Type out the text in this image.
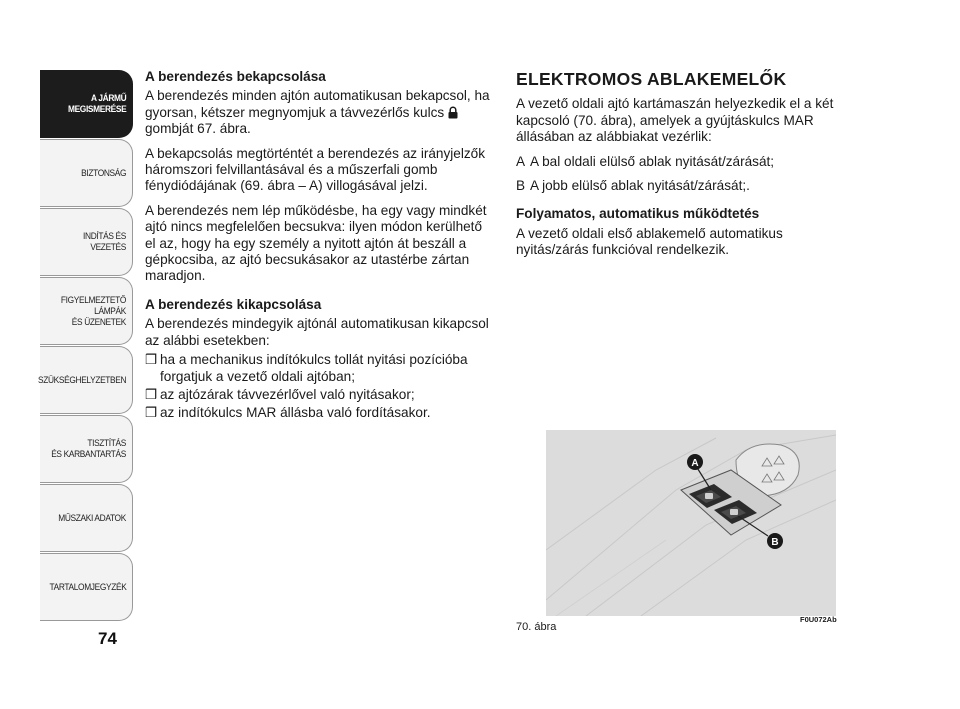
A JÁRMŰ
MEGISMERÉSE
BIZTONSÁG
INDÍTÁS ÉS VEZETÉS
FIGYELMEZTETŐ
LÁMPÁK
ÉS ÜZENETEK
SZÜKSÉGHELYZETBEN
TISZTÍTÁS
ÉS KARBANTARTÁS
MŰSZAKI ADATOK
TARTALOMJEGYZÉK
74
A berendezés bekapcsolása

A berendezés minden ajtón automatikusan bekapcsol, ha gyorsan, kétszer megnyomjuk a távvezérlős kulcs
gombját 67. ábra.

A bekapcsolás megtörténtét a berendezés az irányjelzők háromszori felvillantásával és a műszerfali gomb fénydiódájának (69. ábra – A) villogásával jelzi.

A berendezés nem lép működésbe, ha egy vagy mindkét ajtó nincs megfelelően becsukva: ilyen módon kerülhető el az, hogy ha egy személy a nyitott ajtón át beszáll a gépkocsiba, az ajtó becsukásakor az utastérbe zártan maradjon.

A berendezés kikapcsolása

A berendezés mindegyik ajtónál automatikusan kikapcsol az alábbi esetekben:

❒ ha a mechanikus indítókulcs tollát nyitási pozícióba forgatjuk a vezető oldali ajtóban;
❒ az ajtózárak távvezérlővel való nyitásakor;
❒ az indítókulcs MAR állásba való fordításakor.
ELEKTROMOS ABLAKEMELŐK

A vezető oldali ajtó kartámaszán helyezkedik el a két kapcsoló (70. ábra), amelyek a gyújtáskulcs MAR állásában az alábbiakat vezérlik:

A A bal oldali elülső ablak nyitását/zárását;
B A jobb elülső ablak nyitását/zárását;.
Folyamatos, automatikus működtetés

A vezető oldali első ablakemelő automatikus nyitás/zárás funkcióval rendelkezik.

A
B
F0U072Ab
70. ábra
